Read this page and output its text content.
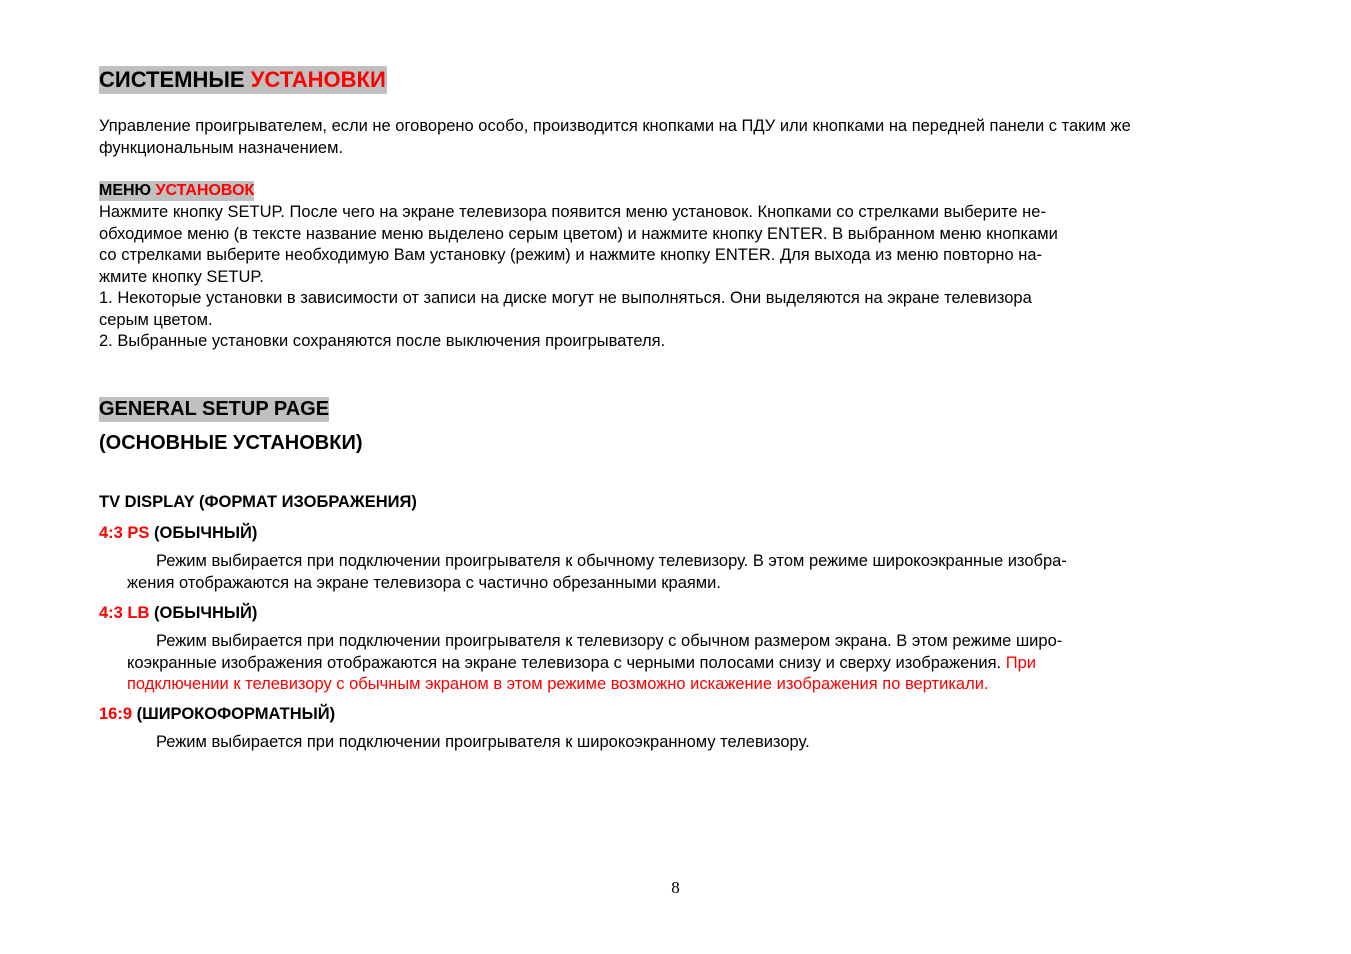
СИСТЕМНЫЕ УСТАНОВКИ
Управление проигрывателем, если не оговорено особо, производится кнопками на ПДУ или кнопками на передней панели с таким же функциональным назначением.
МЕНЮ УСТАНОВОК
Нажмите кнопку SETUP. После чего на экране телевизора появится меню установок. Кнопками со стрелками выберите не-
обходимое меню (в тексте название меню выделено серым цветом) и нажмите кнопку ENTER. В выбранном меню кнопками
со стрелками выберите необходимую Вам установку (режим) и нажмите кнопку ENTER. Для выхода из меню повторно на-
жмите кнопку SETUP.
1. Некоторые установки в зависимости от записи на диске могут не выполняться. Они выделяются на экране телевизора
серым цветом.
2. Выбранные установки сохраняются после выключения проигрывателя.
GENERAL SETUP PAGE
(ОСНОВНЫЕ УСТАНОВКИ)
TV DISPLAY (ФОРМАТ ИЗОБРАЖЕНИЯ)
4:3 PS (ОБЫЧНЫЙ)
Режим выбирается при подключении проигрывателя к обычному телевизору. В этом режиме широкоэкранные изобра-
жения отображаются на экране телевизора с частично обрезанными краями.
4:3 LB (ОБЫЧНЫЙ)
Режим выбирается при подключении проигрывателя к телевизору с обычном размером экрана. В этом режиме широ-
коэкранные изображения отображаются на экране телевизора с черными полосами снизу и сверху изображения. При
подключении к телевизору с обычным экраном в этом режиме возможно искажение изображения по вертикали.
16:9 (ШИРОКОФОРМАТНЫЙ)
Режим выбирается при подключении проигрывателя к широкоэкранному телевизору.
8
